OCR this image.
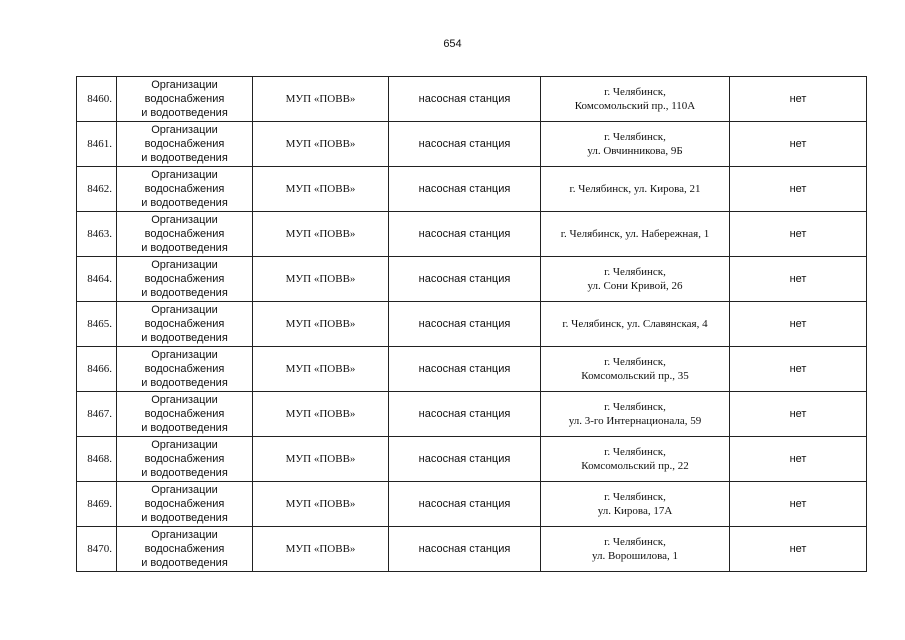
654
8460.	Организации
водоснабжения
и водоотведения	МУП «ПОВВ»	насосная станция	г. Челябинск,
Комсомольский пр., 110А	нет
8461.	Организации
водоснабжения
и водоотведения	МУП «ПОВВ»	насосная станция	г. Челябинск,
ул. Овчинникова, 9Б	нет
8462.	Организации
водоснабжения
и водоотведения	МУП «ПОВВ»	насосная станция	г. Челябинск, ул. Кирова, 21	нет
8463.	Организации
водоснабжения
и водоотведения	МУП «ПОВВ»	насосная станция	г. Челябинск, ул. Набережная, 1	нет
8464.	Организации
водоснабжения
и водоотведения	МУП «ПОВВ»	насосная станция	г. Челябинск,
ул. Сони Кривой, 26	нет
8465.	Организации
водоснабжения
и водоотведения	МУП «ПОВВ»	насосная станция	г. Челябинск, ул. Славянская, 4	нет
8466.	Организации
водоснабжения
и водоотведения	МУП «ПОВВ»	насосная станция	г. Челябинск,
Комсомольский пр., 35	нет
8467.	Организации
водоснабжения
и водоотведения	МУП «ПОВВ»	насосная станция	г. Челябинск,
ул. 3-го Интернационала, 59	нет
8468.	Организации
водоснабжения
и водоотведения	МУП «ПОВВ»	насосная станция	г. Челябинск,
Комсомольский пр., 22	нет
8469.	Организации
водоснабжения
и водоотведения	МУП «ПОВВ»	насосная станция	г. Челябинск,
ул. Кирова, 17А	нет
8470.	Организации
водоснабжения
и водоотведения	МУП «ПОВВ»	насосная станция	г. Челябинск,
ул. Ворошилова, 1	нет
